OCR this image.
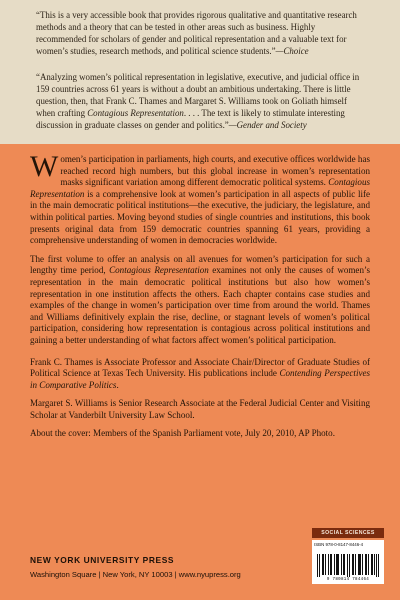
“This is a very accessible book that provides rigorous qualitative and quantitative research methods and a theory that can be tested in other areas such as business. Highly recommended for scholars of gender and political representation and a valuable text for women’s studies, research methods, and political science students.”—Choice
“Analyzing women’s political representation in legislative, executive, and judicial office in 159 countries across 61 years is without a doubt an ambitious undertaking. There is little question, then, that Frank C. Thames and Margaret S. Williams took on Goliath himself when crafting Contagious Representation. . . . The text is likely to stimulate interesting discussion in graduate classes on gender and politics.”—Gender and Society

Women’s participation in parliaments, high courts, and executive offices worldwide has reached record high numbers, but this global increase in women’s representation masks significant variation among different democratic political systems. Contagious Representation is a comprehensive look at women’s participation in all aspects of public life in the main democratic political institutions—the executive, the judiciary, the legislature, and within political parties. Moving beyond studies of single countries and institutions, this book presents original data from 159 democratic countries spanning 61 years, providing a comprehensive understanding of women in democracies worldwide.

The first volume to offer an analysis on all avenues for women’s participation for such a lengthy time period, Contagious Representation examines not only the causes of women’s representation in the main democratic political institutions but also how women’s representation in one institution affects the others. Each chapter contains case studies and examples of the change in women’s participation over time from around the world. Thames and Williams definitively explain the rise, decline, or stagnant levels of women’s political participation, considering how representation is contagious across political institutions and gaining a better understanding of what factors affect women’s political participation.

Frank C. Thames is Associate Professor and Associate Chair/Director of Graduate Studies of Political Science at Texas Tech University. His publications include Contending Perspectives in Comparative Politics.

Margaret S. Williams is Senior Research Associate at the Federal Judicial Center and Visiting Scholar at Vanderbilt University Law School.

About the cover: Members of the Spanish Parliament vote, July 20, 2010, AP Photo.

SOCIAL SCIENCES
ISBN 978-0-8147-8446-4
9 780814 784464
NEW YORK UNIVERSITY PRESS
Washington Square | New York, NY 10003 | www.nyupress.org
